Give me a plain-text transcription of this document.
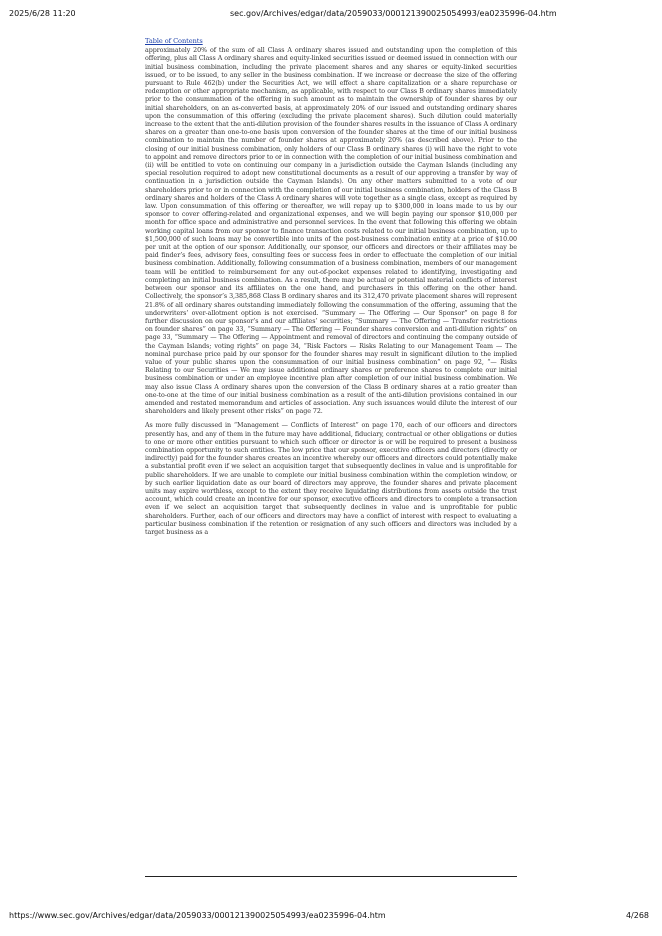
2025/6/28 11:20	sec.gov/Archives/edgar/data/2059033/000121390025054993/ea0235996-04.htm
Table of Contents

approximately 20% of the sum of all Class A ordinary shares issued and outstanding upon the completion of this offering, plus all Class A ordinary shares and equity-linked securities issued or deemed issued in connection with our initial business combination, including the private placement shares and any shares or equity-linked securities issued, or to be issued, to any seller in the business combination. If we increase or decrease the size of the offering pursuant to Rule 462(b) under the Securities Act, we will effect a share capitalization or a share repurchase or redemption or other appropriate mechanism, as applicable, with respect to our Class B ordinary shares immediately prior to the consummation of the offering in such amount as to maintain the ownership of founder shares by our initial shareholders, on an as-converted basis, at approximately 20% of our issued and outstanding ordinary shares upon the consummation of this offering (excluding the private placement shares). Such dilution could materially increase to the extent that the anti-dilution provision of the founder shares results in the issuance of Class A ordinary shares on a greater than one-to-one basis upon conversion of the founder shares at the time of our initial business combination to maintain the number of founder shares at approximately 20% (as described above). Prior to the closing of our initial business combination, only holders of our Class B ordinary shares (i) will have the right to vote to appoint and remove directors prior to or in connection with the completion of our initial business combination and (ii) will be entitled to vote on continuing our company in a jurisdiction outside the Cayman Islands (including any special resolution required to adopt new constitutional documents as a result of our approving a transfer by way of continuation in a jurisdiction outside the Cayman Islands). On any other matters submitted to a vote of our shareholders prior to or in connection with the completion of our initial business combination, holders of the Class B ordinary shares and holders of the Class A ordinary shares will vote together as a single class, except as required by law. Upon consummation of this offering or thereafter, we will repay up to $300,000 in loans made to us by our sponsor to cover offering-related and organizational expenses, and we will begin paying our sponsor $10,000 per month for office space and administrative and personnel services. In the event that following this offering we obtain working capital loans from our sponsor to finance transaction costs related to our initial business combination, up to $1,500,000 of such loans may be convertible into units of the post-business combination entity at a price of $10.00 per unit at the option of our sponsor. Additionally, our sponsor, our officers and directors or their affiliates may be paid finder’s fees, advisory fees, consulting fees or success fees in order to effectuate the completion of our initial business combination. Additionally, following consummation of a business combination, members of our management team will be entitled to reimbursement for any out-of-pocket expenses related to identifying, investigating and completing an initial business combination. As a result, there may be actual or potential material conflicts of interest between our sponsor and its affiliates on the one hand, and purchasers in this offering on the other hand. Collectively, the sponsor’s 3,385,868 Class B ordinary shares and its 312,470 private placement shares will represent 21.8% of all ordinary shares outstanding immediately following the consummation of the offering, assuming that the underwriters’ over-allotment option is not exercised. “Summary — The Offering — Our Sponsor” on page 8 for further discussion on our sponsor’s and our affiliates’ securities; “Summary — The Offering — Transfer restrictions on founder shares” on page 33, “Summary — The Offering — Founder shares conversion and anti-dilution rights” on page 33, “Summary — The Offering — Appointment and removal of directors and continuing the company outside of the Cayman Islands; voting rights” on page 34, “Risk Factors — Risks Relating to our Management Team — The nominal purchase price paid by our sponsor for the founder shares may result in significant dilution to the implied value of your public shares upon the consummation of our initial business combination” on page 92, “— Risks Relating to our Securities — We may issue additional ordinary shares or preference shares to complete our initial business combination or under an employee incentive plan after completion of our initial business combination. We may also issue Class A ordinary shares upon the conversion of the Class B ordinary shares at a ratio greater than one-to-one at the time of our initial business combination as a result of the anti-dilution provisions contained in our amended and restated memorandum and articles of association. Any such issuances would dilute the interest of our shareholders and likely present other risks” on page 72.

As more fully discussed in “Management — Conflicts of Interest” on page 170, each of our officers and directors presently has, and any of them in the future may have additional, fiduciary, contractual or other obligations or duties to one or more other entities pursuant to which such officer or director is or will be required to present a business combination opportunity to such entities. The low price that our sponsor, executive officers and directors (directly or indirectly) paid for the founder shares creates an incentive whereby our officers and directors could potentially make a substantial profit even if we select an acquisition target that subsequently declines in value and is unprofitable for public shareholders. If we are unable to complete our initial business combination within the completion window, or by such earlier liquidation date as our board of directors may approve, the founder shares and private placement units may expire worthless, except to the extent they receive liquidating distributions from assets outside the trust account, which could create an incentive for our sponsor, executive officers and directors to complete a transaction even if we select an acquisition target that subsequently declines in value and is unprofitable for public shareholders. Further, each of our officers and directors may have a conflict of interest with respect to evaluating a particular business combination if the retention or resignation of any such officers and directors was included by a target business as a

https://www.sec.gov/Archives/edgar/data/2059033/000121390025054993/ea0235996-04.htm	4/268
